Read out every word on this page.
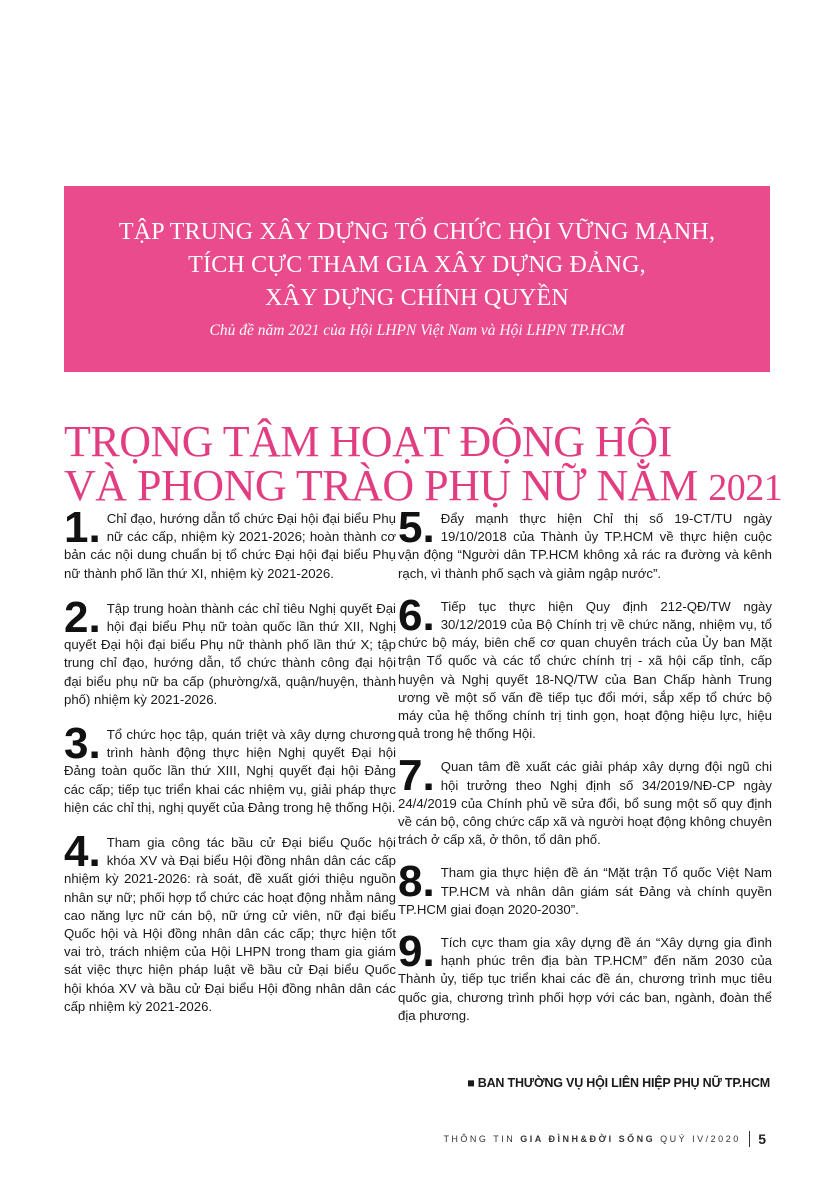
TẬP TRUNG XÂY DỰNG TỔ CHỨC HỘI VỮNG MẠNH,
TÍCH CỰC THAM GIA XÂY DỰNG ĐẢNG,
XÂY DỰNG CHÍNH QUYỀN
Chủ đề năm 2021 của Hội LHPN Việt Nam và Hội LHPN TP.HCM
TRỌNG TÂM HOẠT ĐỘNG HỘI
VÀ PHONG TRÀO PHỤ NỮ NĂM 2021
1. Chỉ đạo, hướng dẫn tổ chức Đại hội đại biểu Phụ nữ các cấp, nhiệm kỳ 2021-2026; hoàn thành cơ bản các nội dung chuẩn bị tổ chức Đại hội đại biểu Phụ nữ thành phố lần thứ XI, nhiệm kỳ 2021-2026.
2. Tập trung hoàn thành các chỉ tiêu Nghị quyết Đại hội đại biểu Phụ nữ toàn quốc lần thứ XII, Nghị quyết Đại hội đại biểu Phụ nữ thành phố lần thứ X; tập trung chỉ đạo, hướng dẫn, tổ chức thành công đại hội đại biểu phụ nữ ba cấp (phường/xã, quận/huyện, thành phố) nhiệm kỳ 2021-2026.
3. Tổ chức học tập, quán triệt và xây dựng chương trình hành động thực hiện Nghị quyết Đại hội Đảng toàn quốc lần thứ XIII, Nghị quyết đại hội Đảng các cấp; tiếp tục triển khai các nhiệm vụ, giải pháp thực hiện các chỉ thị, nghị quyết của Đảng trong hệ thống Hội.
4. Tham gia công tác bầu cử Đại biểu Quốc hội khóa XV và Đại biểu Hội đồng nhân dân các cấp nhiệm kỳ 2021-2026: rà soát, đề xuất giới thiệu nguồn nhân sự nữ; phối hợp tổ chức các hoạt động nhằm nâng cao năng lực nữ cán bộ, nữ ứng cử viên, nữ đại biểu Quốc hội và Hội đồng nhân dân các cấp; thực hiện tốt vai trò, trách nhiệm của Hội LHPN trong tham gia giám sát việc thực hiện pháp luật về bầu cử Đại biểu Quốc hội khóa XV và bầu cử Đại biểu Hội đồng nhân dân các cấp nhiệm kỳ 2021-2026.
5. Đẩy mạnh thực hiện Chỉ thị số 19-CT/TU ngày 19/10/2018 của Thành ủy TP.HCM về thực hiện cuộc vận động “Người dân TP.HCM không xả rác ra đường và kênh rạch, vì thành phố sạch và giảm ngập nước”.
6. Tiếp tục thực hiện Quy định 212-QĐ/TW ngày 30/12/2019 của Bộ Chính trị về chức năng, nhiệm vụ, tổ chức bộ máy, biên chế cơ quan chuyên trách của Ủy ban Mặt trận Tổ quốc và các tổ chức chính trị - xã hội cấp tỉnh, cấp huyện và Nghị quyết 18-NQ/TW của Ban Chấp hành Trung ương về một số vấn đề tiếp tục đổi mới, sắp xếp tổ chức bộ máy của hệ thống chính trị tinh gọn, hoạt động hiệu lực, hiệu quả trong hệ thống Hội.
7. Quan tâm đề xuất các giải pháp xây dựng đội ngũ chi hội trưởng theo Nghị định số 34/2019/NĐ-CP ngày 24/4/2019 của Chính phủ về sửa đổi, bổ sung một số quy định về cán bộ, công chức cấp xã và người hoạt động không chuyên trách ở cấp xã, ở thôn, tổ dân phố.
8. Tham gia thực hiện đề án “Mặt trận Tổ quốc Việt Nam TP.HCM và nhân dân giám sát Đảng và chính quyền TP.HCM giai đoạn 2020-2030”.
9. Tích cực tham gia xây dựng đề án “Xây dựng gia đình hạnh phúc trên địa bàn TP.HCM” đến năm 2030 của Thành ủy, tiếp tục triển khai các đề án, chương trình mục tiêu quốc gia, chương trình phối hợp với các ban, ngành, đoàn thể địa phương.
■ BAN THƯỜNG VỤ HỘI LIÊN HIỆP PHỤ NỮ TP.HCM
THÔNG TIN
GIA ĐÌNH&ĐỜI SỐNG
QUÝ IV/2020 5
